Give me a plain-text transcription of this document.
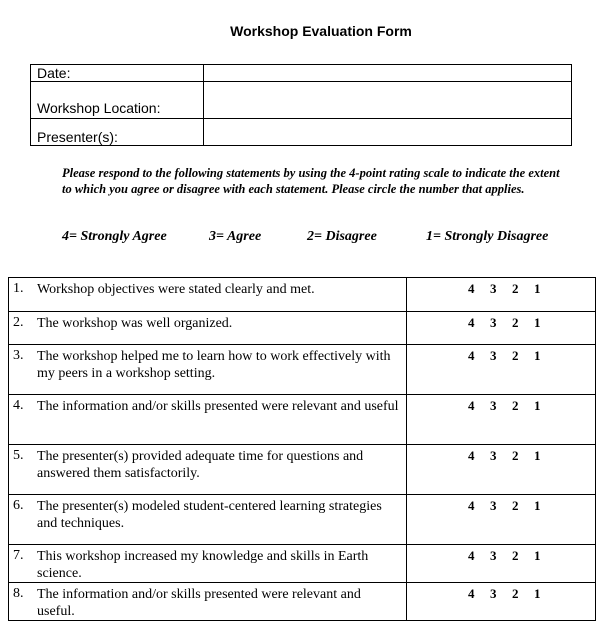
Workshop Evaluation Form
Date:	
Workshop Location:	
Presenter(s):	
Please respond to the following statements by using the 4-point rating scale to indicate the extent to which you agree or disagree with each statement. Please circle the number that applies.
4= Strongly Agree	3= Agree	2= Disagree	1= Strongly Disagree
1. Workshop objectives were stated clearly and met.	4 3 2 1

2. The workshop was well organized.	4 3 2 1

3. The workshop helped me to learn how to work effectively with my peers in a workshop setting.	4 3 2 1

4. The information and/or skills presented were relevant and useful	4 3 2 1

5. The presenter(s) provided adequate time for questions and answered them satisfactorily.	4 3 2 1

6. The presenter(s) modeled student-centered learning strategies and techniques.	4 3 2 1

7. This workshop increased my knowledge and skills in Earth science.	4 3 2 1

8. The information and/or skills presented were relevant and useful.	4 3 2 1
